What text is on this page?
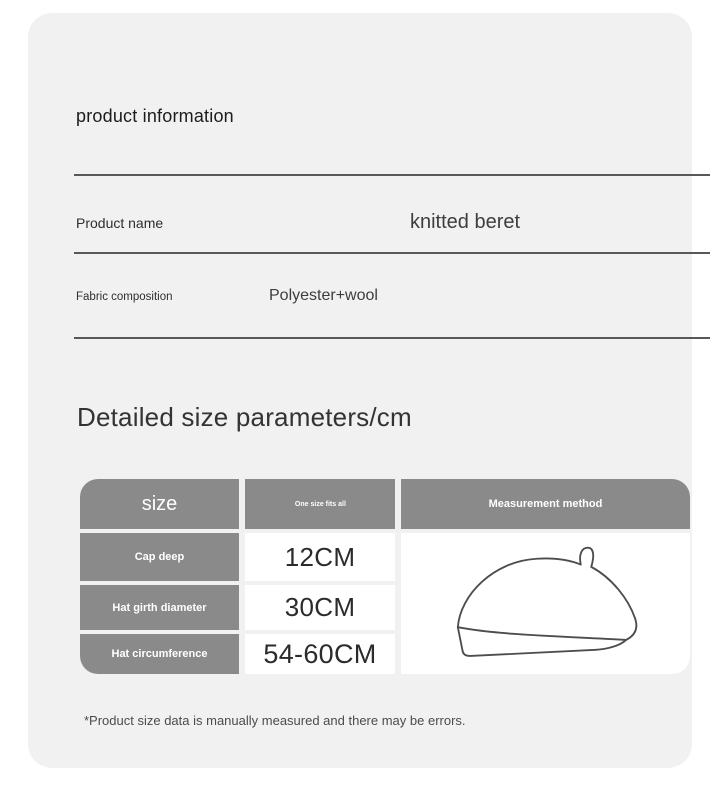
product information
Product name	knitted beret
Fabric composition	Polyester+wool
Detailed size parameters/cm
size	One size fits all	Measurement method
Cap deep	12CM
Hat girth diameter	30CM
Hat circumference	54-60CM
*Product size data is manually measured and there may be errors.
